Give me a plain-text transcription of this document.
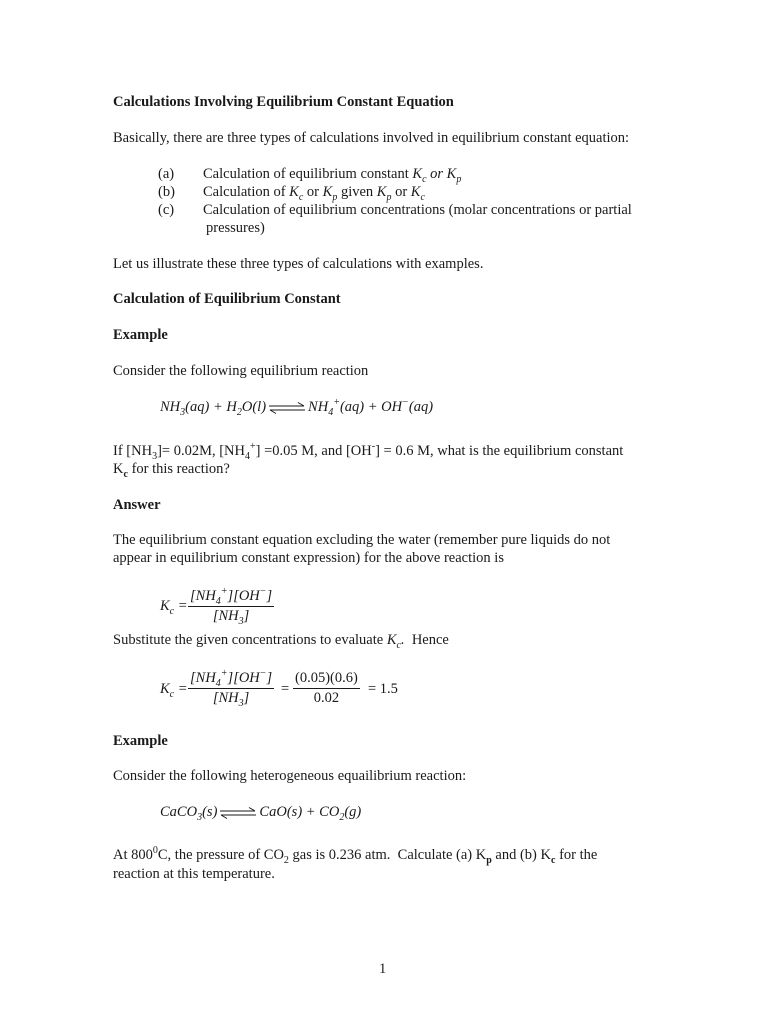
Calculations Involving Equilibrium Constant Equation
Basically, there are three types of calculations involved in equilibrium constant equation:
(a) Calculation of equilibrium constant $K_c$ or $K_p$
(b) Calculation of $K_c$ or $K_p$ given $K_p$ or $K_c$
(c) Calculation of equilibrium concentrations (molar concentrations or partial
pressures)
Let us illustrate these three types of calculations with examples.
Calculation of Equilibrium Constant
Example
Consider the following equilibrium reaction
$NH_3(aq) + H_2O(l)$ ⇌ $NH_4^+(aq) + OH^-(aq)$
If $[NH_3]= 0.02M$, $[NH_4^+] =0.05$ M, and [OH-] = 0.6 M, what is the equilibrium constant
$K_c$ for this reaction?
Answer
The equilibrium constant equation excluding the water (remember pure liquids do not
appear in equilibrium constant expression) for the above reaction is
$K_c = \frac{[NH_4^+][OH^-]}{[NH_3]}$
Substitute the given concentrations to evaluate $K_c$. Hence
$K_c = \frac{[NH_4^+][OH^-]}{[NH_3]} = \frac{(0.05)(0.6)}{0.02} = 1.5$
Example
Consider the following heterogeneous equailibrium reaction:
CaCO$_3$(s) ⇌ $CaO(s) + CO_2(g)$
At $800^0C$, the pressure of $CO_2$ gas is 0.236 atm.  Calculate (a) $K_p$ and (b) $K_c$ for the
reaction at this temperature.
1
